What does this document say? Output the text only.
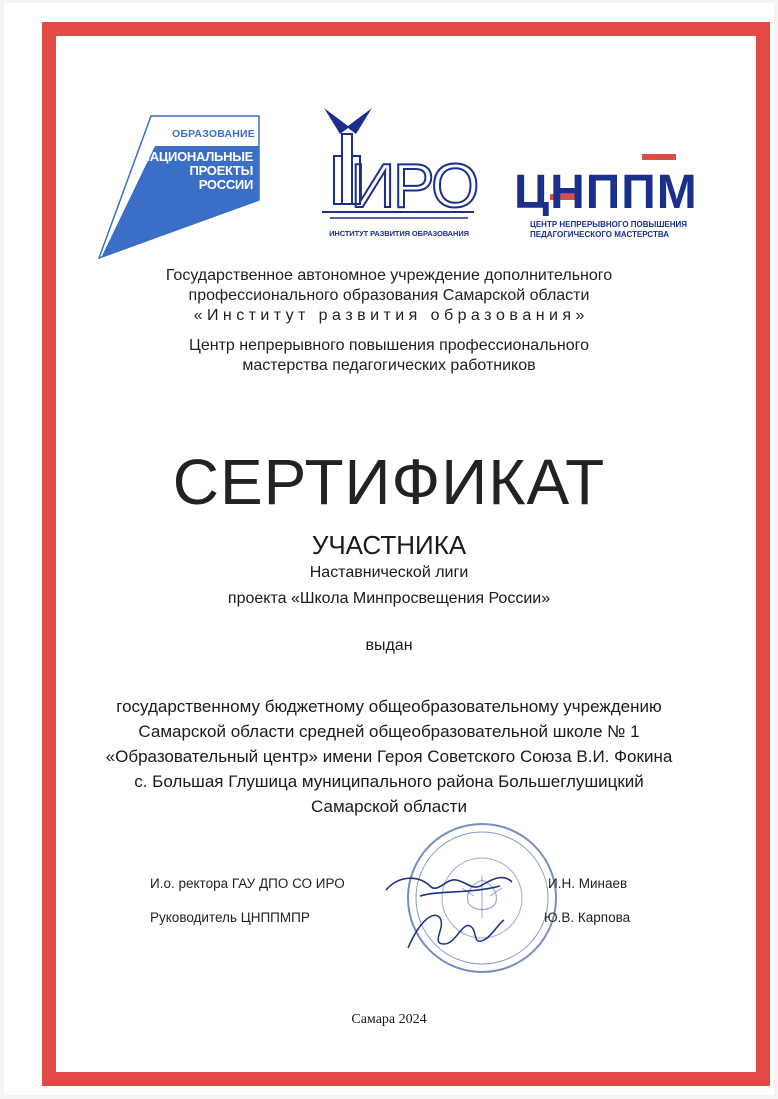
ОБРАЗОВАНИЕ
НАЦИОНАЛЬНЫЕ
ПРОЕКТЫ
РОССИИ ИРО
ИНСТИТУТ РАЗВИТИЯ ОБРАЗОВАНИЯ
ЦНППМ
ЦЕНТР НЕПРЕРЫВНОГО ПОВЫШЕНИЯ
ПЕДАГОГИЧЕСКОГО МАСТЕРСТВА
Государственное автономное учреждение дополнительного
профессионального образования Самарской области
« И н с т и т у т   р а з в и т и я   о б р а з о в а н и я »
Центр непрерывного повышения профессионального
мастерства педагогических работников
СЕРТИФИКАТ
УЧАСТНИКА
Наставнической лиги
проекта «Школа Минпросвещения России»
выдан
государственному бюджетному общеобразовательному учреждению
Самарской области средней общеобразовательной школе № 1
«Образовательный центр» имени Героя Советского Союза В.И. Фокина
с. Большая Глушица муниципального района Большеглушицкий
Самарской области
И.о. ректора ГАУ ДПО СО ИРО	И.Н. Минаев
Руководитель ЦНППМПР	Ю.В. Карпова
Самара 2024
